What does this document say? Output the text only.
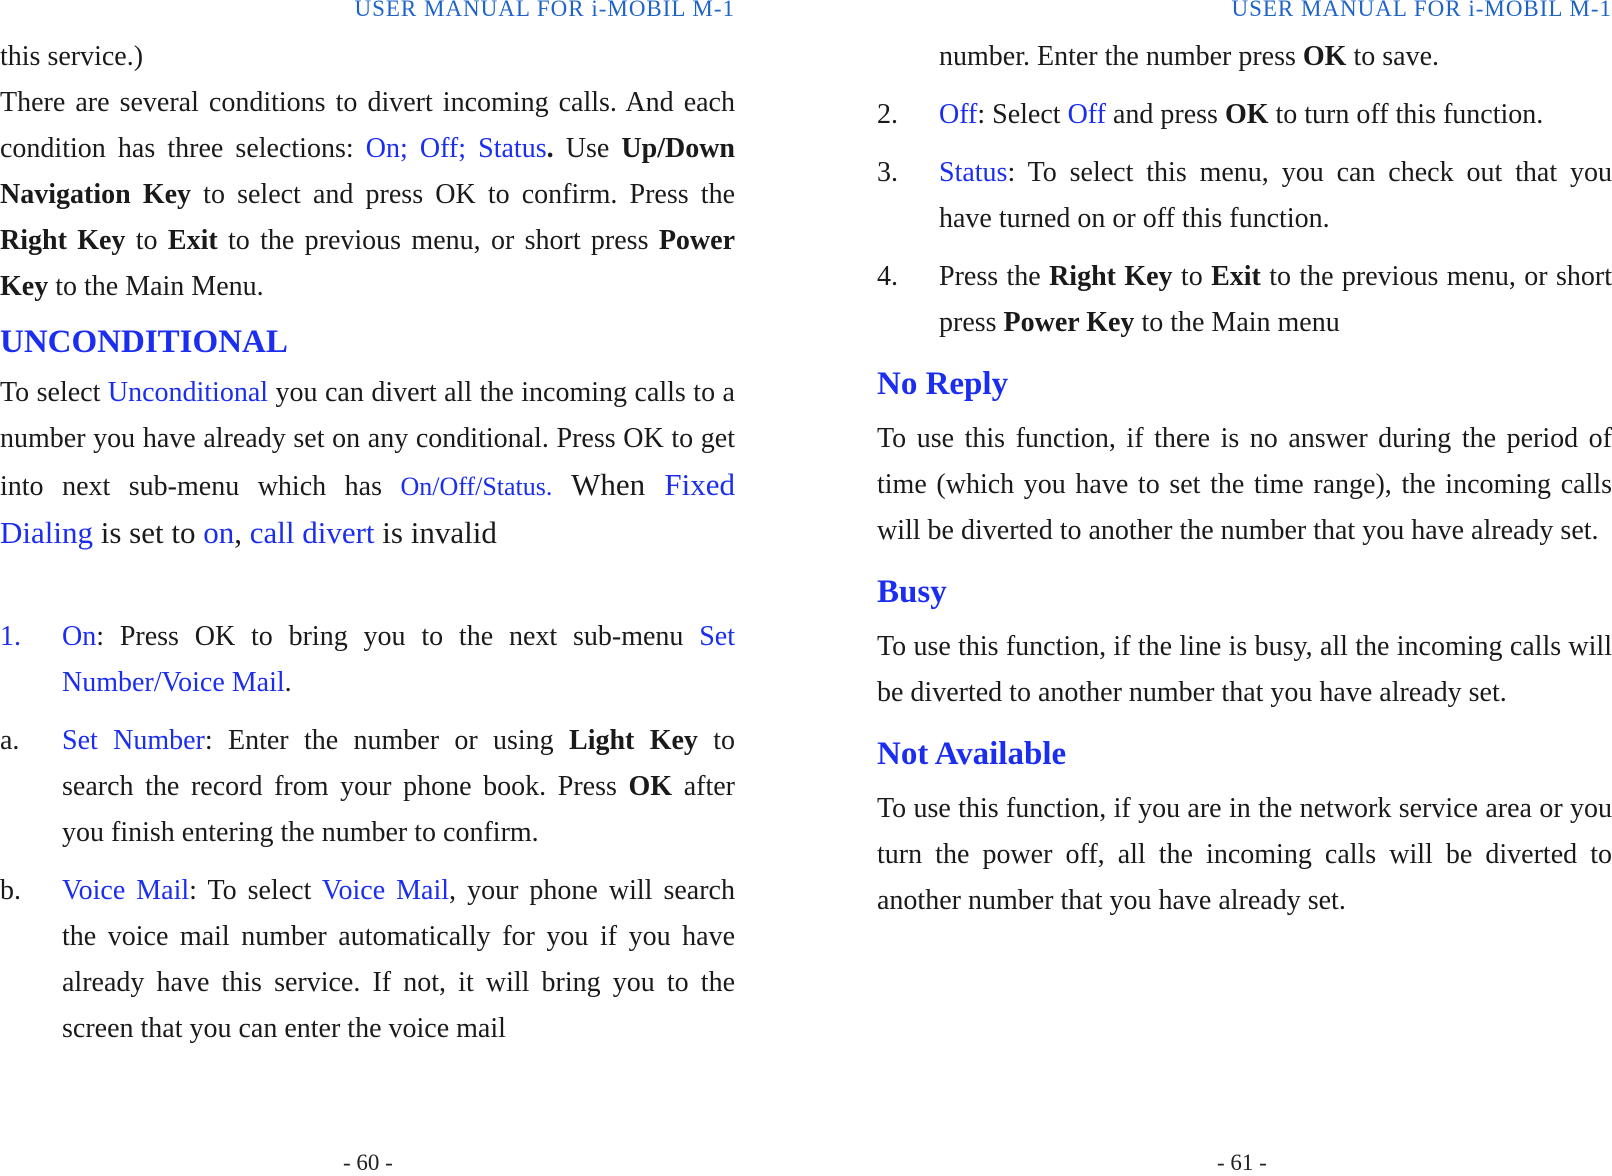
USER MANUAL FOR i-MOBIL M-1

this service.)

There are several conditions to divert incoming calls. And each condition has three selections: On; Off; Status. Use Up/Down Navigation Key to select and press OK to confirm. Press the Right Key to Exit to the previous menu, or short press Power Key to the Main Menu.

UNCONDITIONAL

To select Unconditional you can divert all the incoming calls to a number you have already set on any conditional. Press OK to get into next sub-menu which has On/Off/Status. When Fixed Dialing is set to on, call divert is invalid

1. On: Press OK to bring you to the next sub-menu Set Number/Voice Mail.
a. Set Number: Enter the number or using Light Key to search the record from your phone book. Press OK after you finish entering the number to confirm.
b. Voice Mail: To select Voice Mail, your phone will search the voice mail number automatically for you if you have already have this service. If not, it will bring you to the screen that you can enter the voice mail
- 60 -
USER MANUAL FOR i-MOBIL M-1
number. Enter the number press OK to save.
2. Off: Select Off and press OK to turn off this function.
3. Status: To select this menu, you can check out that you have turned on or off this function.
4. Press the Right Key to Exit to the previous menu, or short press Power Key to the Main menu
No Reply

To use this function, if there is no answer during the period of time (which you have to set the time range), the incoming calls will be diverted to another the number that you have already set.

Busy

To use this function, if the line is busy, all the incoming calls will be diverted to another number that you have already set.

Not Available

To use this function, if you are in the network service area or you turn the power off, all the incoming calls will be diverted to another number that you have already set.

- 61 -
